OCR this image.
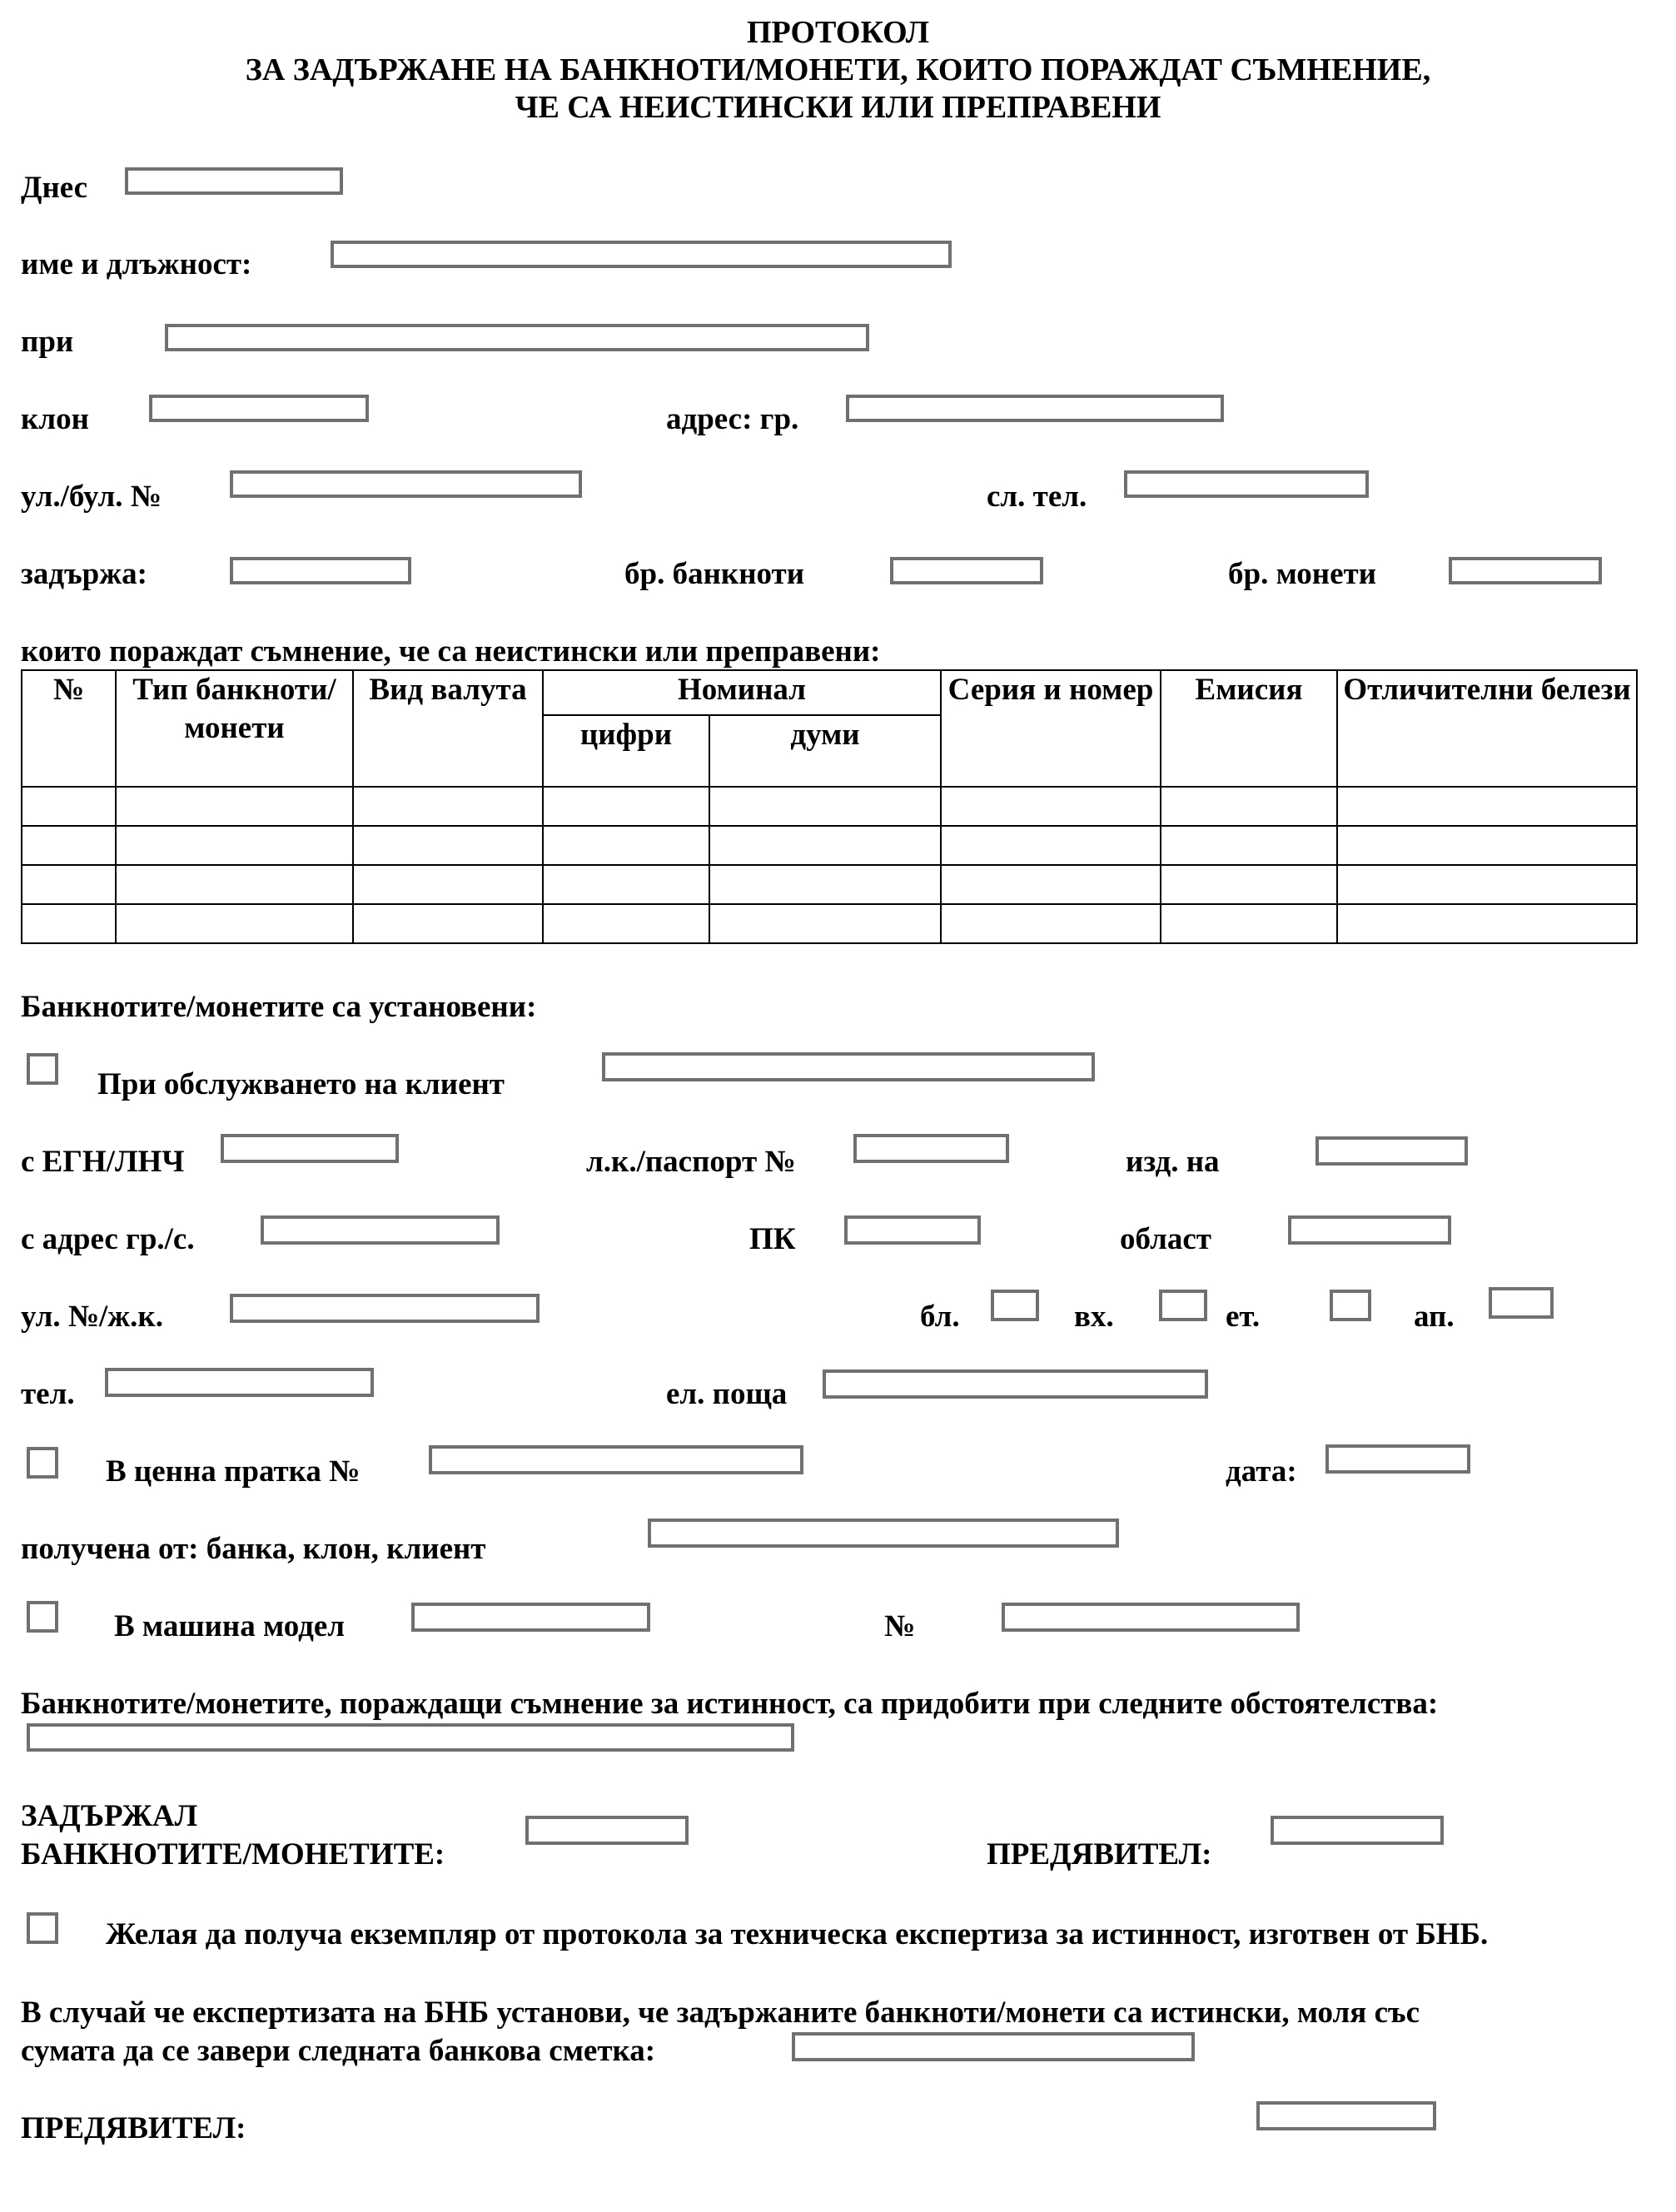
ПРОТОКОЛ
ЗА ЗАДЪРЖАНЕ НА БАНКНОТИ/МОНЕТИ, КОИТО ПОРАЖДАТ СЪМНЕНИЕ,
ЧЕ СА НЕИСТИНСКИ ИЛИ ПРЕПРАВЕНИ
Днес
име и длъжност:
при
клон	адрес: гр.
ул./бул. №	сл. тел.
задържа:	бр. банкноти	бр. монети
които пораждат съмнение, че са неистински или преправени:
№	Тип банкноти/ монети	Вид валута	Номинал		Серия и номер	Емисия	Отличителни белези
			цифри	думи			

Банкнотите/монетите са установени:
При обслужването на клиент
с ЕГН/ЛНЧ	л.к./паспорт №	изд. на
с адрес гр./с.	ПК	област
ул. №/ж.к.	бл.	вх.	ет.	ап.
тел.	ел. поща
В ценна пратка №	дата:
получена от: банка, клон, клиент
В машина модел	№
Банкнотите/монетите, пораждащи съмнение за истинност, са придобити при следните обстоятелства:
ЗАДЪРЖАЛ
БАНКНОТИТЕ/МОНЕТИТЕ:	ПРЕДЯВИТЕЛ:
Желая да получа екземпляр от протокола за техническа експертиза за истинност, изготвен от БНБ.
В случай че експертизата на БНБ установи, че задържаните банкноти/монети са истински, моля със
сумата да се завери следната банкова сметка:
ПРЕДЯВИТЕЛ:
